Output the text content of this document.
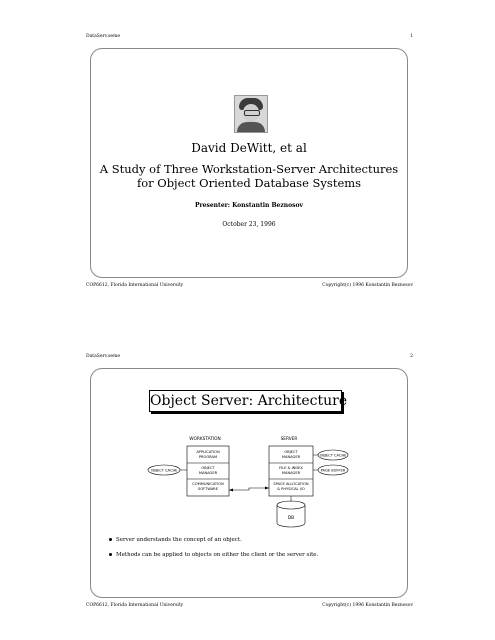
DataServ.seme	1
David DeWitt, et al
A Study of Three Workstation-Server Architectures
for Object Oriented Database Systems
Presenter: Konstantin Beznosov
October 23, 1996
COP6612, Florida International University	Copyright(c) 1996 Konstantin Beznosov
DataServ.seme	2
Object Server: Architecture
WORKSTATION	SERVER
APPLICATION
PROGRAM
OBJECT
MANAGER
COMMUNICATION
SOFTWARE
OBJECT CACHE
OBJECT
MANAGER
FILE & INDEX
MANAGER
SPACE ALLOCATION
& PHYSICAL I/O
OBJECT CACHE
PAGE BUFFER
DB
Server understands the concept of an object.
Methods can be applied to objects on either the client or the server site.
COP6612, Florida International University	Copyright(c) 1996 Konstantin Beznosov
